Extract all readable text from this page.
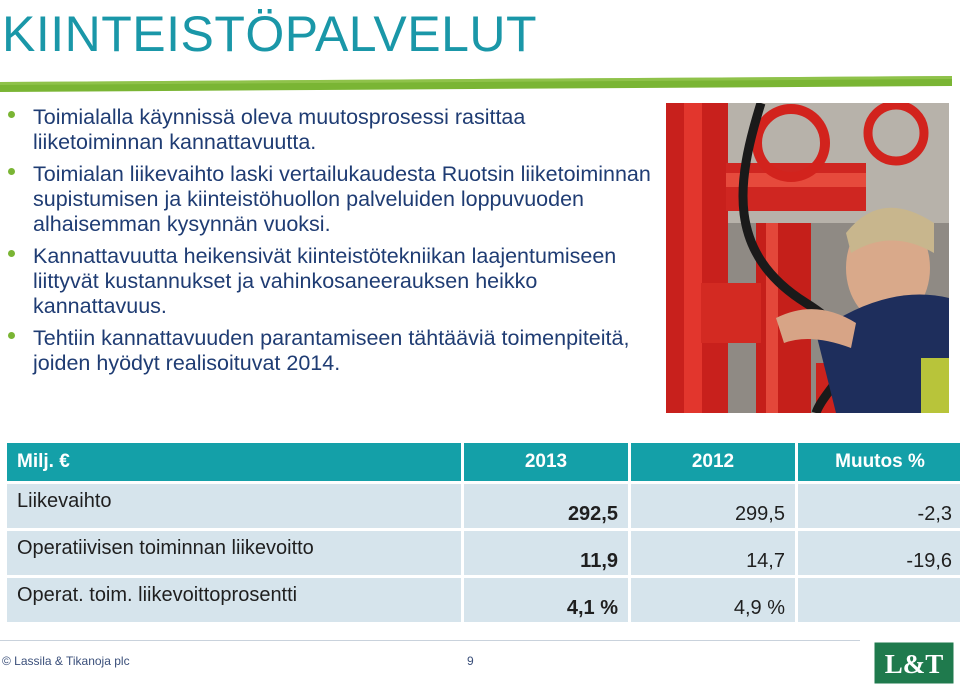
KIINTEISTÖPALVELUT
Toimialalla käynnissä oleva muutosprosessi rasittaa liiketoiminnan kannattavuutta.
Toimialan liikevaihto laski vertailukaudesta Ruotsin liiketoiminnan supistumisen ja kiinteistöhuollon palveluiden loppuvuoden alhaisemman kysynnän vuoksi.
Kannattavuutta heikensivät kiinteistötekniikan laajentumiseen liittyvät kustannukset ja vahinkosaneerauksen heikko kannattavuus.
Tehtiin kannattavuuden parantamiseen tähtääviä toimenpiteitä, joiden hyödyt realisoituvat 2014.
Milj. €	2013	2012	Muutos %
Liikevaihto	292,5	299,5	-2,3
Operatiivisen toiminnan liikevoitto	11,9	14,7	-19,6
Operat. toim. liikevoittoprosentti	4,1 %	4,9 %	
© Lassila & Tikanoja plc	9	L&T
